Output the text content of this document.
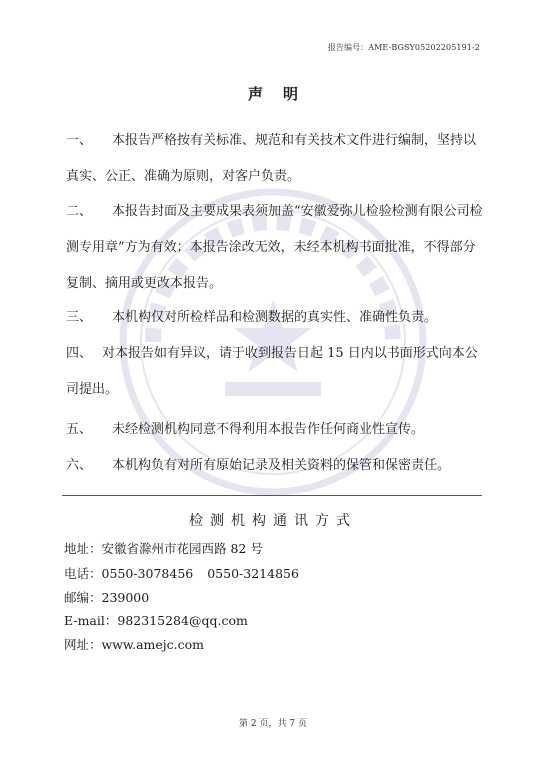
报告编号：AME-BGSY05202205191-2
声明

一、 本报告严格按有关标准、规范和有关技术文件进行编制，坚持以真实、公正、准确为原则，对客户负责。

二、 本报告封面及主要成果表须加盖“安徽爱弥儿检验检测有限公司检测专用章”方为有效；本报告涂改无效，未经本机构书面批准，不得部分复制、摘用或更改本报告。

三、 本机构仅对所检样品和检测数据的真实性、准确性负责。

四、 对本报告如有异议，请于收到报告日起 15 日内以书面形式向本公司提出。

五、 未经检测机构同意不得利用本报告作任何商业性宣传。

六、 本机构负有对所有原始记录及相关资料的保管和保密责任。

检测机构通讯方式
地址：安徽省滁州市花园西路 82 号
电话：0550-3078456 0550-3214856
邮编：239000
E-mail：982315284@qq.com
网址：www.amejc.com
第 2 页，共 7 页
